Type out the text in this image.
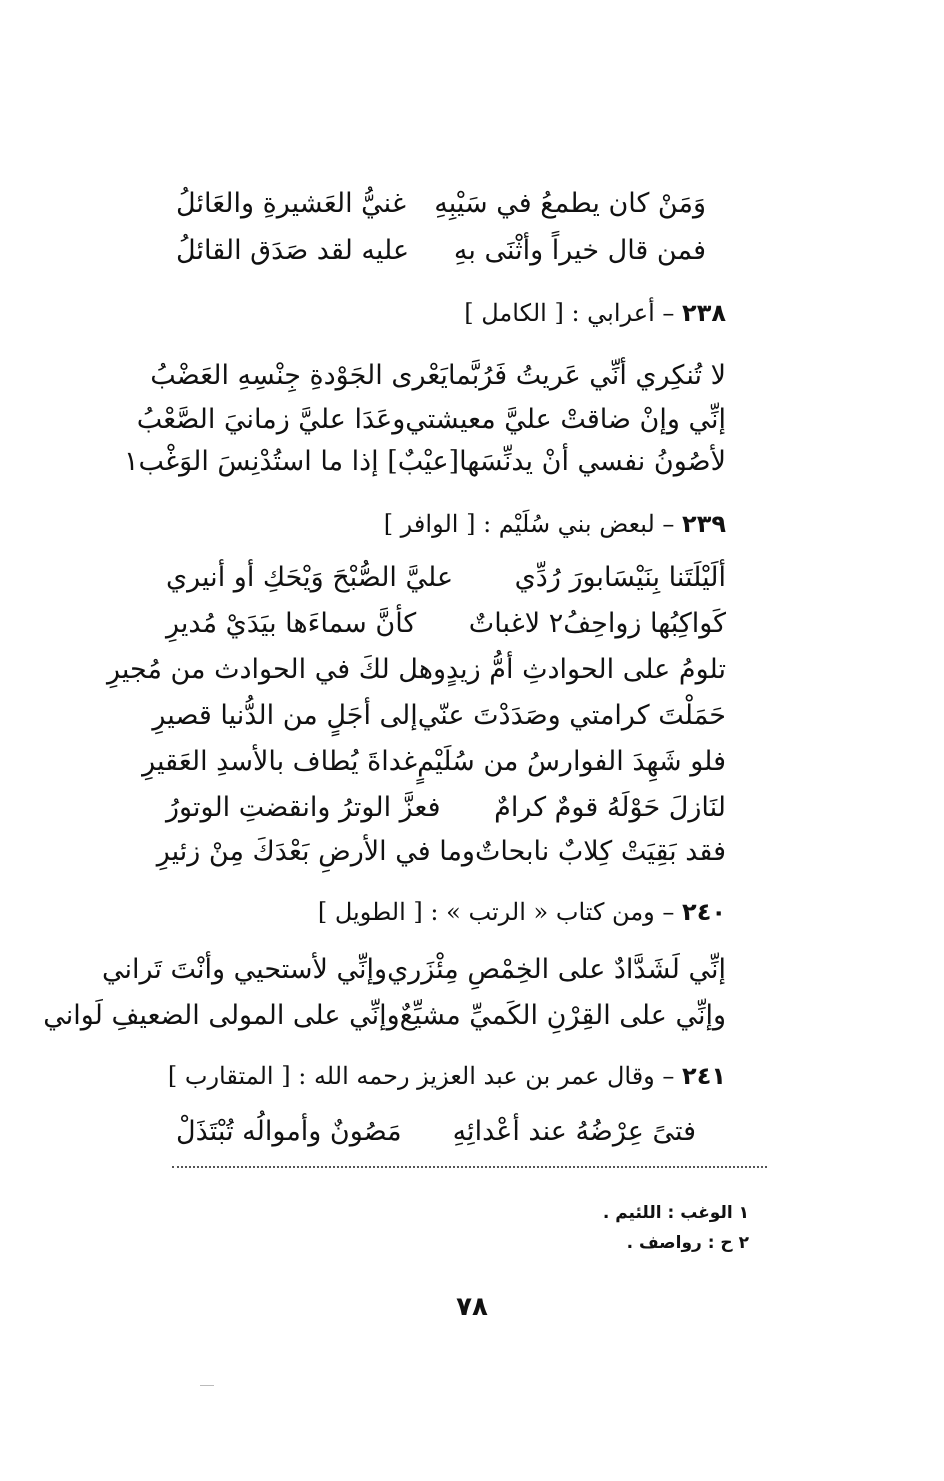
وَمَنْ كان يطمعُ في سَيْبِهِ
غنيُّ العَشيرةِ والعَائلُ
فمن قال خيراً وأثْنَى بهِ
عليه لقد صَدَق القائلُ
٢٣٨ – أعرابي : [ الكامل ]
لا تُنكِري أنِّي عَريتُ فَرُبَّما
يَعْرى الجَوْدةِ جِنْسِهِ العَضْبُ
إنِّي وإنْ ضاقتْ عليَّ معيشتي
وعَدَا عليَّ زمانيَ الصَّعْبُ
لأصُونُ نفسي أنْ يدنِّسَها
[عيْبٌ] إذا ما استُدْنِسَ الوَغْب١
٢٣٩ – لبعض بني سُلَيْم : [ الوافر ]
ألَيْلَتَنا بِنَيْسَابورَ رُدِّي
عليَّ الصُّبْحَ وَيْحَكِ أو أنيري
كَواكِبُها زواحِفُ٢ لاغباتٌ
كأنَّ سماءَها بيَدَيْ مُديرِ
تلومُ على الحوادثِ أمُّ زيدٍ
وهل لكَ في الحوادث من مُجيرِ
حَمَلْتَ كرامتي وصَدَدْتَ عنّي
إلى أجَلٍ من الدُّنيا قصيرِ
فلو شَهِدَ الفوارسُ من سُلَيْمٍ
غداةَ يُطاف بالأسدِ العَقيرِ
لنَازلَ حَوْلَهُ قومٌ كرامٌ
فعزَّ الوترُ وانقضتِ الوتورُ
فقد بَقِيَتْ كِلابٌ نابحاتٌ
وما في الأرضِ بَعْدَكَ مِنْ زئيرِ
٢٤٠ – ومن كتاب « الرتب » : [ الطويل ]
إنِّي لَشَدَّادٌ على الخِمْصِ مِئْزَري
وإنِّي لأستحيي وأنْتَ تَراني
وإنِّي على القِرْنِ الكَميِّ مشيِّعٌ
وإنِّي على المولى الضعيفِ لَواني
٢٤١ – وقال عمر بن عبد العزيز رحمه الله : [ المتقارب ]
فتىً عِرْضُهُ عند أعْدائِهِ
مَصُونٌ وأموالُه تُبْتَذَلْ
١ الوغب : اللئيم .
٢ ح : رواصف .
٧٨
